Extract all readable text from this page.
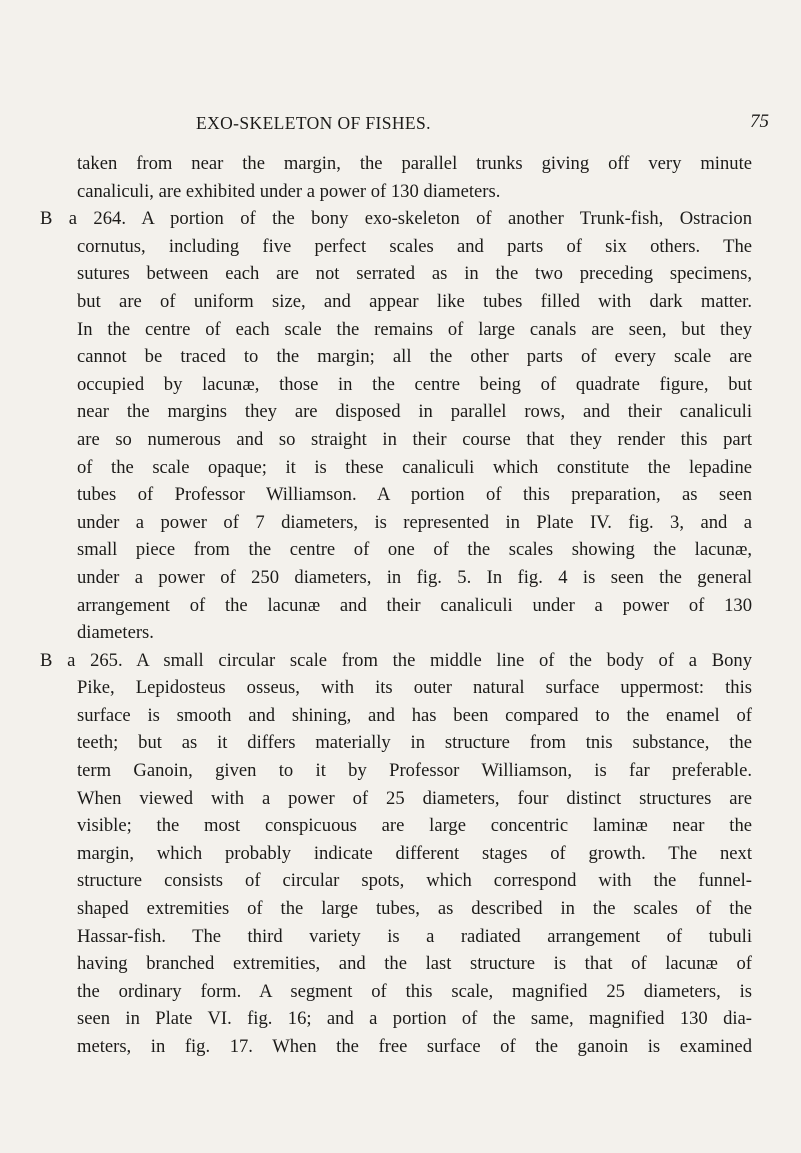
EXO-SKELETON OF FISHES.	75
taken from near the margin, the parallel trunks giving off very minute
canaliculi, are exhibited under a power of 130 diameters.
B a 264. A portion of the bony exo-skeleton of another Trunk-fish, Ostracion
cornutus, including five perfect scales and parts of six others. The
sutures between each are not serrated as in the two preceding specimens,
but are of uniform size, and appear like tubes filled with dark matter.
In the centre of each scale the remains of large canals are seen, but they
cannot be traced to the margin; all the other parts of every scale are
occupied by lacunæ, those in the centre being of quadrate figure, but
near the margins they are disposed in parallel rows, and their canaliculi
are so numerous and so straight in their course that they render this part
of the scale opaque; it is these canaliculi which constitute the lepadine
tubes of Professor Williamson. A portion of this preparation, as seen
under a power of 7 diameters, is represented in Plate IV. fig. 3, and a
small piece from the centre of one of the scales showing the lacunæ,
under a power of 250 diameters, in fig. 5. In fig. 4 is seen the general
arrangement of the lacunæ and their canaliculi under a power of 130
diameters.
B a 265. A small circular scale from the middle line of the body of a Bony
Pike, Lepidosteus osseus, with its outer natural surface uppermost: this
surface is smooth and shining, and has been compared to the enamel of
teeth; but as it differs materially in structure from tnis substance, the
term Ganoin, given to it by Professor Williamson, is far preferable.
When viewed with a power of 25 diameters, four distinct structures are
visible; the most conspicuous are large concentric laminæ near the
margin, which probably indicate different stages of growth. The next
structure consists of circular spots, which correspond with the funnel-
shaped extremities of the large tubes, as described in the scales of the
Hassar-fish. The third variety is a radiated arrangement of tubuli
having branched extremities, and the last structure is that of lacunæ of
the ordinary form. A segment of this scale, magnified 25 diameters, is
seen in Plate VI. fig. 16; and a portion of the same, magnified 130 dia-
meters, in fig. 17. When the free surface of the ganoin is examined
